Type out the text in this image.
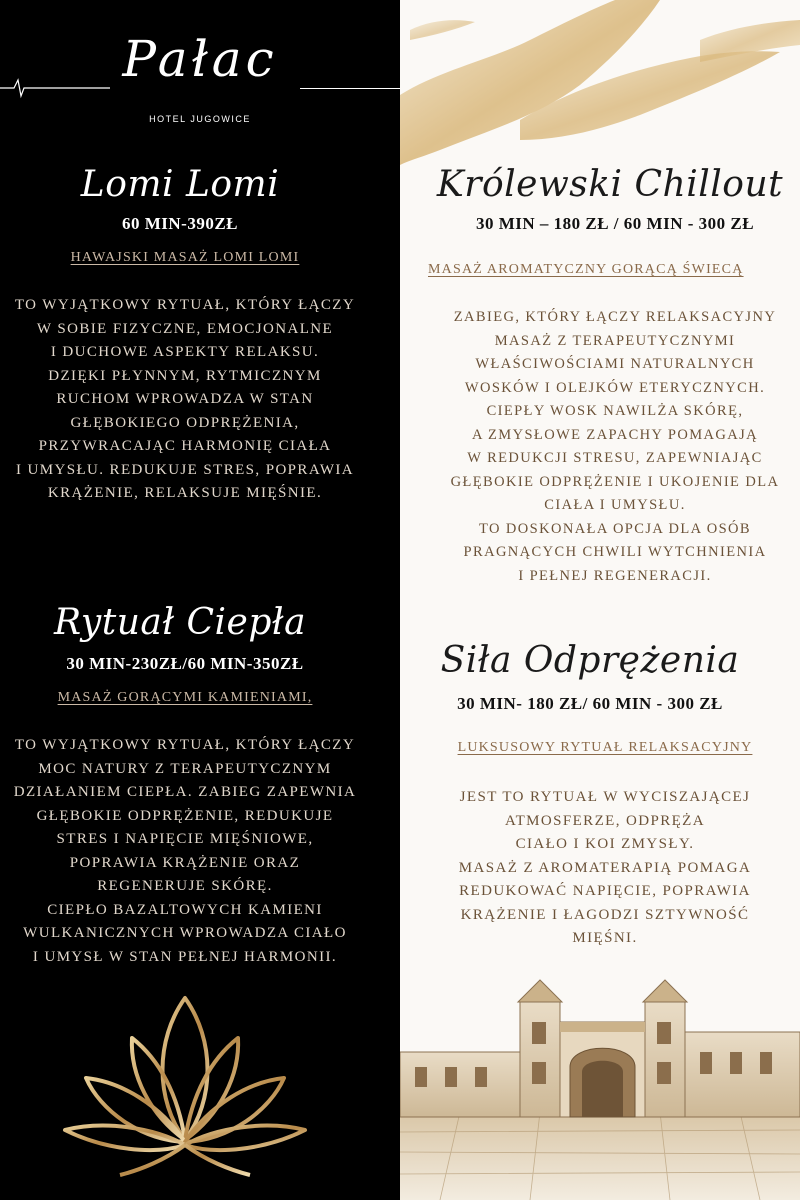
Pałac
HOTEL JUGOWICE
Lomi Lomi
60 MIN-390ZŁ
HAWAJSKI MASAŻ LOMI LOMI
TO WYJĄTKOWY RYTUAŁ, KTÓRY ŁĄCZY
W SOBIE FIZYCZNE, EMOCJONALNE
I DUCHOWE ASPEKTY RELAKSU.
DZIĘKI PŁYNNYM, RYTMICZNYM
RUCHOM WPROWADZA W STAN
GŁĘBOKIEGO ODPRĘŻENIA,
PRZYWRACAJĄC HARMONIĘ CIAŁA
I UMYSŁU. REDUKUJE STRES, POPRAWIA
KRĄŻENIE, RELAKSUJE MIĘŚNIE.
Rytuał Ciepła
30 MIN-230ZŁ/60 MIN-350ZŁ
MASAŻ GORĄCYMI KAMIENIAMI,
TO WYJĄTKOWY RYTUAŁ, KTÓRY ŁĄCZY
MOC NATURY Z TERAPEUTYCZNYM
DZIAŁANIEM CIEPŁA. ZABIEG ZAPEWNIA
GŁĘBOKIE ODPRĘŻENIE, REDUKUJE
STRES I NAPIĘCIE MIĘŚNIOWE,
POPRAWIA KRĄŻENIE ORAZ
REGENERUJE SKÓRĘ.
CIEPŁO BAZALTOWYCH KAMIENI
WULKANICZNYCH WPROWADZA CIAŁO
I UMYSŁ W STAN PEŁNEJ HARMONII.
Królewski Chillout
30 MIN – 180 ZŁ / 60 MIN - 300 ZŁ
MASAŻ AROMATYCZNY GORĄCĄ ŚWIECĄ
ZABIEG, KTÓRY ŁĄCZY RELAKSACYJNY
MASAŻ Z TERAPEUTYCZNYMI
WŁAŚCIWOŚCIAMI NATURALNYCH
WOSKÓW I OLEJKÓW ETERYCZNYCH.
CIEPŁY WOSK NAWILŻA SKÓRĘ,
A ZMYSŁOWE ZAPACHY POMAGAJĄ
W REDUKCJI STRESU, ZAPEWNIAJĄC
GŁĘBOKIE ODPRĘŻENIE I UKOJENIE DLA
CIAŁA I UMYSŁU.
TO DOSKONAŁA OPCJA DLA OSÓB
PRAGNĄCYCH CHWILI WYTCHNIENIA
I PEŁNEJ REGENERACJI.
Siła Odprężenia
30 MIN- 180 ZŁ/ 60 MIN - 300 ZŁ
LUKSUSOWY RYTUAŁ RELAKSACYJNY
JEST TO RYTUAŁ W WYCISZAJĄCEJ
ATMOSFERZE, ODPRĘŻA
CIAŁO I KOI ZMYSŁY.
MASAŻ Z AROMATERAPIĄ POMAGA
REDUKOWAĆ NAPIĘCIE, POPRAWIA
KRĄŻENIE I ŁAGODZI SZTYWNOŚĆ
MIĘŚNI.
